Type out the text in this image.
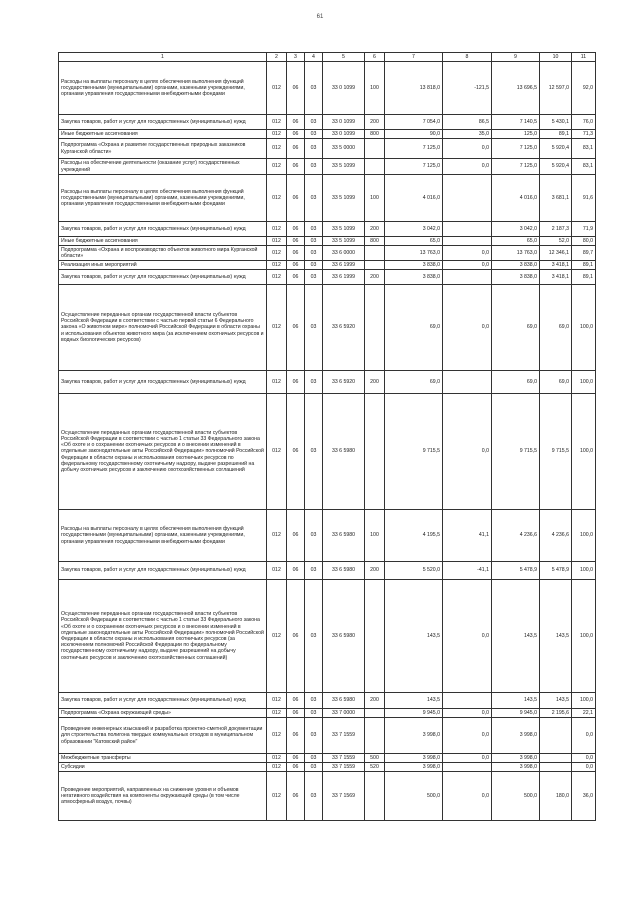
61
1	2	3	4	5	6	7	8	9	10	11
Расходы на выплаты персоналу в целях обеспечения выполнения функций государственными (муниципальными) органами, казенными учреждениями, органами управления государственными внебюджетными фондами	012	06	03	33 0 1099	100	13 818,0	-121,5	13 696,5	12 597,0	92,0
Закупка товаров, работ и услуг для государственных (муниципальных) нужд	012	06	03	33 0 1099	200	7 054,0	86,5	7 140,5	5 430,1	76,0
Иные бюджетные ассигнования	012	06	03	33 0 1099	800	90,0	35,0	125,0	89,1	71,3
Подпрограмма «Охрана и развитие государственных природных заказников Курганской области»	012	06	03	33 5 0000		7 125,0	0,0	7 125,0	5 920,4	83,1
Расходы на обеспечение деятельности (оказание услуг) государственных учреждений	012	06	03	33 5 1099		7 125,0	0,0	7 125,0	5 920,4	83,1
Расходы на выплаты персоналу в целях обеспечения выполнения функций государственными (муниципальными) органами, казенными учреждениями, органами управления государственными внебюджетными фондами	012	06	03	33 5 1099	100	4 016,0		4 016,0	3 681,1	91,6
Закупка товаров, работ и услуг для государственных (муниципальных) нужд	012	06	03	33 5 1099	200	3 042,0		3 042,0	2 187,3	71,9
Иные бюджетные ассигнования	012	06	03	33 5 1099	800	65,0		65,0	52,0	80,0
Подпрограмма «Охрана и воспроизводство объектов животного мира Курганской области»	012	06	03	33 6 0000		13 763,0	0,0	13 763,0	12 346,1	89,7
Реализация иных мероприятий	012	06	03	33 6 1999		3 838,0	0,0	3 838,0	3 418,1	89,1
Закупка товаров, работ и услуг для государственных (муниципальных) нужд	012	06	03	33 6 1999	200	3 838,0		3 838,0	3 418,1	89,1
Осуществление переданных органам государственной власти субъектов Российской Федерации в соответствии с частью первой статьи 6 Федерального закона «О животном мире» полномочий Российской Федерации в области охраны и использования объектов животного мира (за исключением охотничьих ресурсов и водных биологических ресурсов)	012	06	03	33 6 5920		69,0	0,0	69,0	69,0	100,0
Закупка товаров, работ и услуг для государственных (муниципальных) нужд	012	06	03	33 6 5920	200	69,0		69,0	69,0	100,0
Осуществление переданных органам государственной власти субъектов Российской Федерации в соответствии с частью 1 статьи 33 Федерального закона «Об охоте и о сохранении охотничьих ресурсов и о внесении изменений в отдельные законодательные акты Российской Федерации» полномочий Российской Федерации в области охраны и использования охотничьих ресурсов по федеральному государственному охотничьему надзору, выдаче разрешений на добычу охотничьих ресурсов и заключению охотхозяйственных соглашений	012	06	03	33 6 5980		9 715,5	0,0	9 715,5	9 715,5	100,0
Расходы на выплаты персоналу в целях обеспечения выполнения функций государственными (муниципальными) органами, казенными учреждениями, органами управления государственными внебюджетными фондами	012	06	03	33 6 5980	100	4 195,5	41,1	4 236,6	4 236,6	100,0
Закупка товаров, работ и услуг для государственных (муниципальных) нужд	012	06	03	33 6 5980	200	5 520,0	-41,1	5 478,9	5 478,9	100,0
Осуществление переданных органам государственной власти субъектов Российской Федерации в соответствии с частью 1 статьи 33 Федерального закона «Об охоте и о сохранении охотничьих ресурсов и о внесении изменений в отдельные законодательные акты Российской Федерации» полномочий Российской Федерации в области охраны и использования охотничьих ресурсов (за исключением полномочий Российской Федерации по федеральному государственному охотничьему надзору, выдаче разрешений на добычу охотничьих ресурсов и заключению охотхозяйственных соглашений)	012	06	03	33 6 5980		143,5	0,0	143,5	143,5	100,0
Закупка товаров, работ и услуг для государственных (муниципальных) нужд	012	06	03	33 6 5980	200	143,5		143,5	143,5	100,0
Подпрограмма «Охрана окружающей среды»	012	06	03	33 7 0000		9 945,0	0,0	9 945,0	2 195,6	22,1
Проведение инженерных изысканий и разработка проектно-сметной документации для строительства полигона твердых коммунальных отходов в муниципальном образовании "Катовский район"	012	06	03	33 7 1559		3 998,0	0,0	3 998,0		0,0
Межбюджетные трансферты	012	06	03	33 7 1559	500	3 998,0	0,0	3 998,0		0,0
Субсидии	012	06	03	33 7 1559	520	3 998,0		3 998,0		0,0
Проведение мероприятий, направленных на снижение уровня и объемов негативного воздействия на компоненты окружающей среды (в том числе атмосферный воздух, почвы)	012	06	03	33 7 1569		500,0	0,0	500,0	180,0	36,0
